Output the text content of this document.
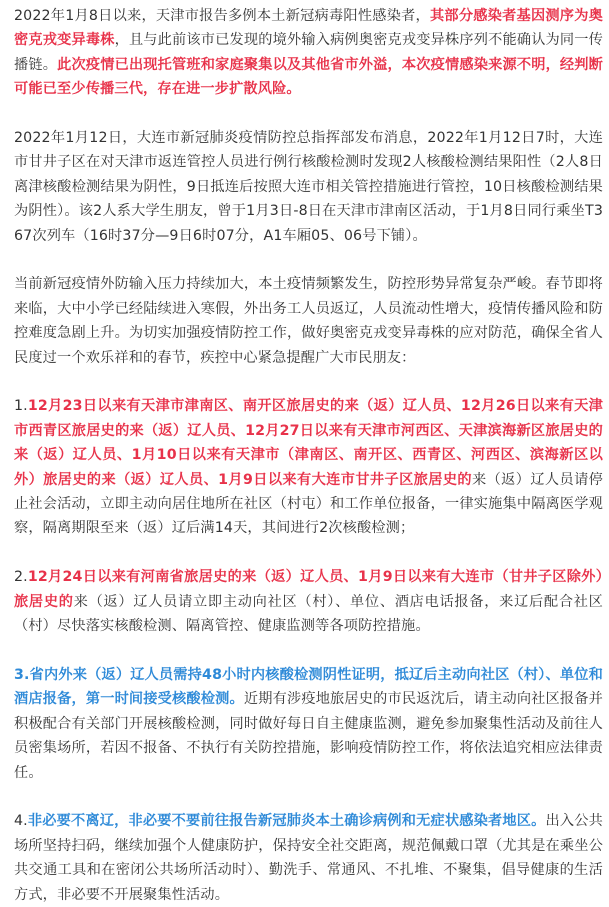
2022年1月8日以来，天津市报告多例本土新冠病毒阳性感染者，其部分感染者基因测序为奥密克戎变异毒株，且与此前该市已发现的境外输入病例奥密克戎变异株序列不能确认为同一传播链。此次疫情已出现托管班和家庭聚集以及其他省市外溢，本次疫情感染来源不明，经判断可能已至少传播三代，存在进一步扩散风险。

2022年1月12日，大连市新冠肺炎疫情防控总指挥部发布消息，2022年1月12日7时，大连市甘井子区在对天津市返连管控人员进行例行核酸检测时发现2人核酸检测结果阳性（2人8日离津核酸检测结果为阴性，9日抵连后按照大连市相关管控措施进行管控，10日核酸检测结果为阴性）。该2人系大学生朋友，曾于1月3日-8日在天津市津南区活动，于1月8日同行乘坐T367次列车（16时37分—9日6时07分，A1车厢05、06号下铺）。

当前新冠疫情外防输入压力持续加大，本土疫情频繁发生，防控形势异常复杂严峻。春节即将来临，大中小学已经陆续进入寒假，外出务工人员返辽，人员流动性增大，疫情传播风险和防控难度急剧上升。为切实加强疫情防控工作，做好奥密克戎变异毒株的应对防范，确保全省人民度过一个欢乐祥和的春节，疾控中心紧急提醒广大市民朋友：

1.12月23日以来有天津市津南区、南开区旅居史的来（返）辽人员、12月26日以来有天津市西青区旅居史的来（返）辽人员、12月27日以来有天津市河西区、天津滨海新区旅居史的来（返）辽人员、1月10日以来有天津市（津南区、南开区、西青区、河西区、滨海新区以外）旅居史的来（返）辽人员、1月9日以来有大连市甘井子区旅居史的来（返）辽人员请停止社会活动，立即主动向居住地所在社区（村屯）和工作单位报备，一律实施集中隔离医学观察，隔离期限至来（返）辽后满14天，其间进行2次核酸检测；

2.12月24日以来有河南省旅居史的来（返）辽人员、1月9日以来有大连市（甘井子区除外）旅居史的来（返）辽人员请立即主动向社区（村）、单位、酒店电话报备，来辽后配合社区（村）尽快落实核酸检测、隔离管控、健康监测等各项防控措施。

3.省内外来（返）辽人员需持48小时内核酸检测阴性证明，抵辽后主动向社区（村）、单位和酒店报备，第一时间接受核酸检测。近期有涉疫地旅居史的市民返沈后，请主动向社区报备并积极配合有关部门开展核酸检测，同时做好每日自主健康监测，避免参加聚集性活动及前往人员密集场所，若因不报备、不执行有关防控措施，影响疫情防控工作，将依法追究相应法律责任。

4.非必要不离辽，非必要不要前往报告新冠肺炎本土确诊病例和无症状感染者地区。出入公共场所坚持扫码，继续加强个人健康防护，保持安全社交距离，规范佩戴口罩（尤其是在乘坐公共交通工具和在密闭公共场所活动时）、勤洗手、常通风、不扎堆、不聚集，倡导健康的生活方式，非必要不开展聚集性活动。
